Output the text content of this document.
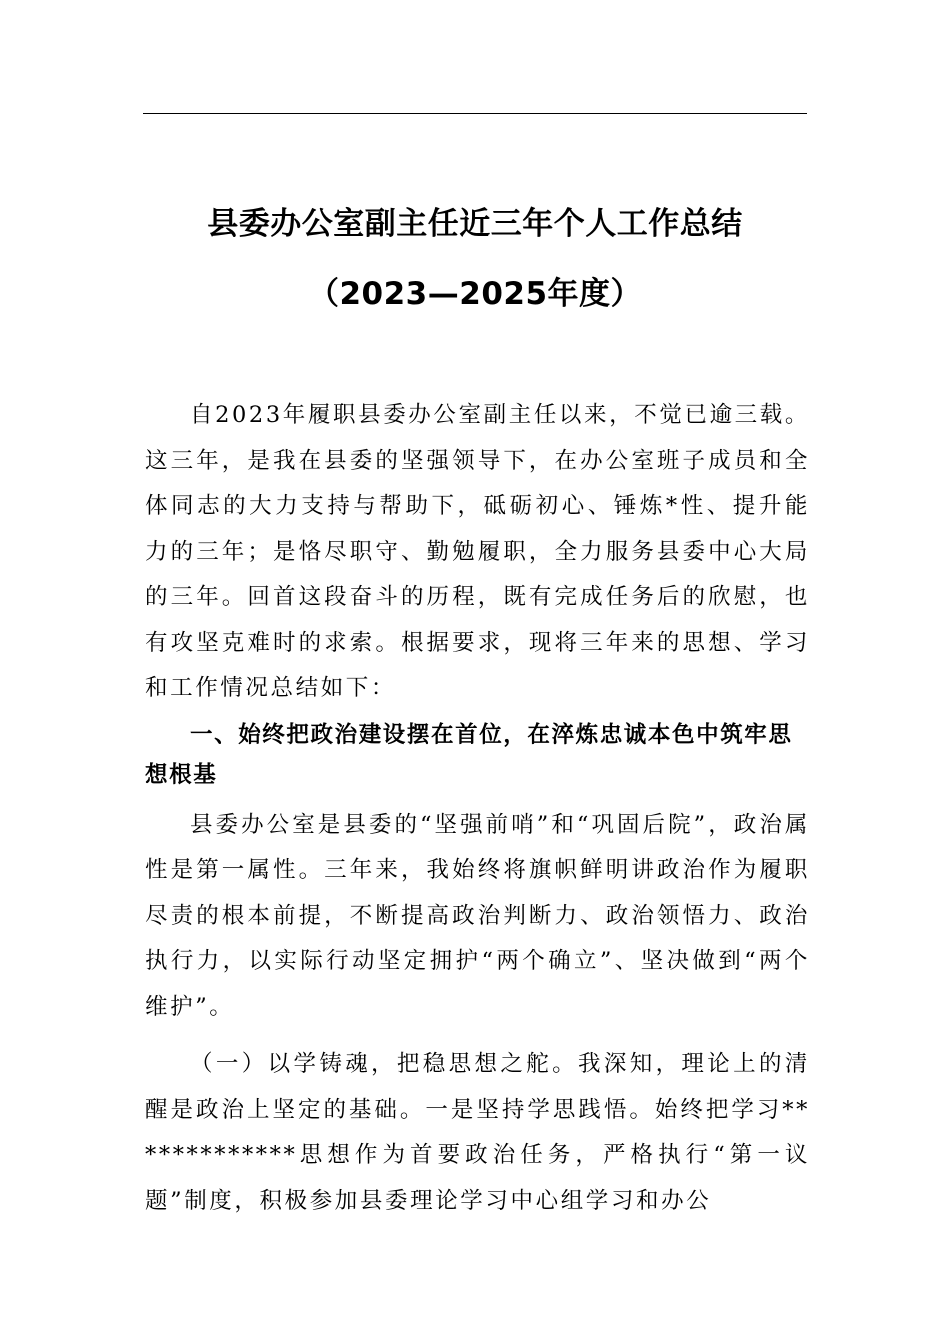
县委办公室副主任近三年个人工作总结
（2023—2025年度）

自2023年履职县委办公室副主任以来，不觉已逾三载。这三年，是我在县委的坚强领导下，在办公室班子成员和全体同志的大力支持与帮助下，砥砺初心、锤炼*性、提升能力的三年；是恪尽职守、勤勉履职，全力服务县委中心大局的三年。回首这段奋斗的历程，既有完成任务后的欣慰，也有攻坚克难时的求索。根据要求，现将三年来的思想、学习和工作情况总结如下：

一、始终把政治建设摆在首位，在淬炼忠诚本色中筑牢思想根基

县委办公室是县委的“坚强前哨”和“巩固后院”，政治属性是第一属性。三年来，我始终将旗帜鲜明讲政治作为履职尽责的根本前提，不断提高政治判断力、政治领悟力、政治执行力，以实际行动坚定拥护“两个确立”、坚决做到“两个维护”。

（一）以学铸魂，把稳思想之舵。我深知，理论上的清醒是政治上坚定的基础。一是坚持学思践悟。始终把学习*************思想作为首要政治任务，严格执行“第一议题”制度，积极参加县委理论学习中心组学习和办公
